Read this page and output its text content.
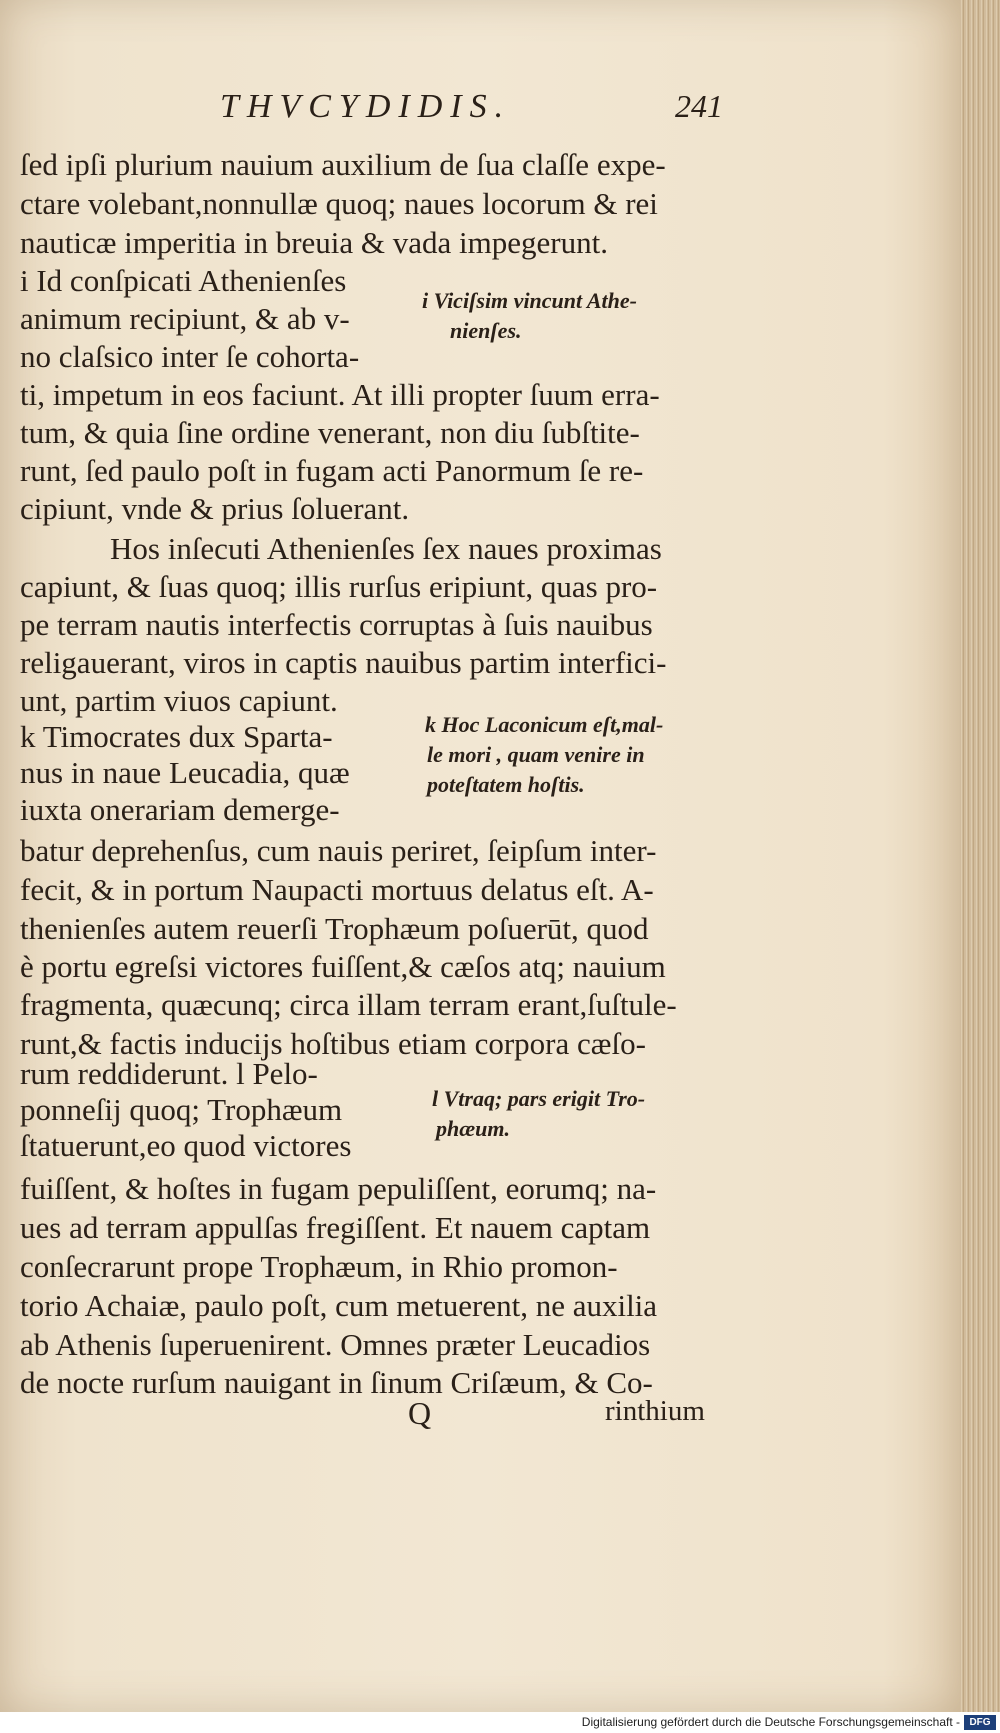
THVCYDIDIS.	241
ſed ipſi plurium nauium auxilium de ſua claſſe expe-
ctare volebant,nonnullæ quoq; naues locorum & rei
nauticæ imperitia in breuia & vada impegerunt.
i Id conſpicati Athenienſes
animum recipiunt, & ab v-
no claſsico inter ſe cohorta-
ti, impetum in eos faciunt. At illi propter ſuum erra-
tum, & quia ſine ordine venerant, non diu ſubſtite-
runt, ſed paulo poſt in fugam acti Panormum ſe re-
cipiunt, vnde & prius ſoluerant.
Hos inſecuti Athenienſes ſex naues proximas
capiunt, & ſuas quoq; illis rurſus eripiunt, quas pro-
pe terram nautis interfectis corruptas à ſuis nauibus
religauerant, viros in captis nauibus partim interfici-
unt, partim viuos capiunt.
k Timocrates dux Sparta-
nus in naue Leucadia, quæ
iuxta onerariam demerge-
batur deprehenſus, cum nauis periret, ſeipſum inter-
fecit, & in portum Naupacti mortuus delatus eſt. A-
thenienſes autem reuerſi Trophæum poſuerūt, quod
è portu egreſsi victores fuiſſent,& cæſos atq; nauium
fragmenta, quæcunq; circa illam terram erant,ſuſtule-
runt,& factis inducijs hoſtibus etiam corpora cæſo-
rum reddiderunt. l Pelo-
ponneſij quoq; Trophæum
ſtatuerunt,eo quod victores
fuiſſent, & hoſtes in fugam pepuliſſent, eorumq; na-
ues ad terram appulſas fregiſſent. Et nauem captam
conſecrarunt prope Trophæum, in Rhio promon-
torio Achaiæ, paulo poſt, cum metuerent, ne auxilia
ab Athenis ſuperuenirent. Omnes præter Leucadios
de nocte rurſum nauigant in ſinum Criſæum, & Co-
i Viciſsim vincunt Athe-
nienſes.
k Hoc Laconicum eſt,mal-
le mori , quam venire in
poteſtatem hoſtis.
l Vtraq; pars erigit Tro-
phæum.
Q	rinthium
Digitalisierung gefördert durch die Deutsche Forschungsgemeinschaft - DFG
